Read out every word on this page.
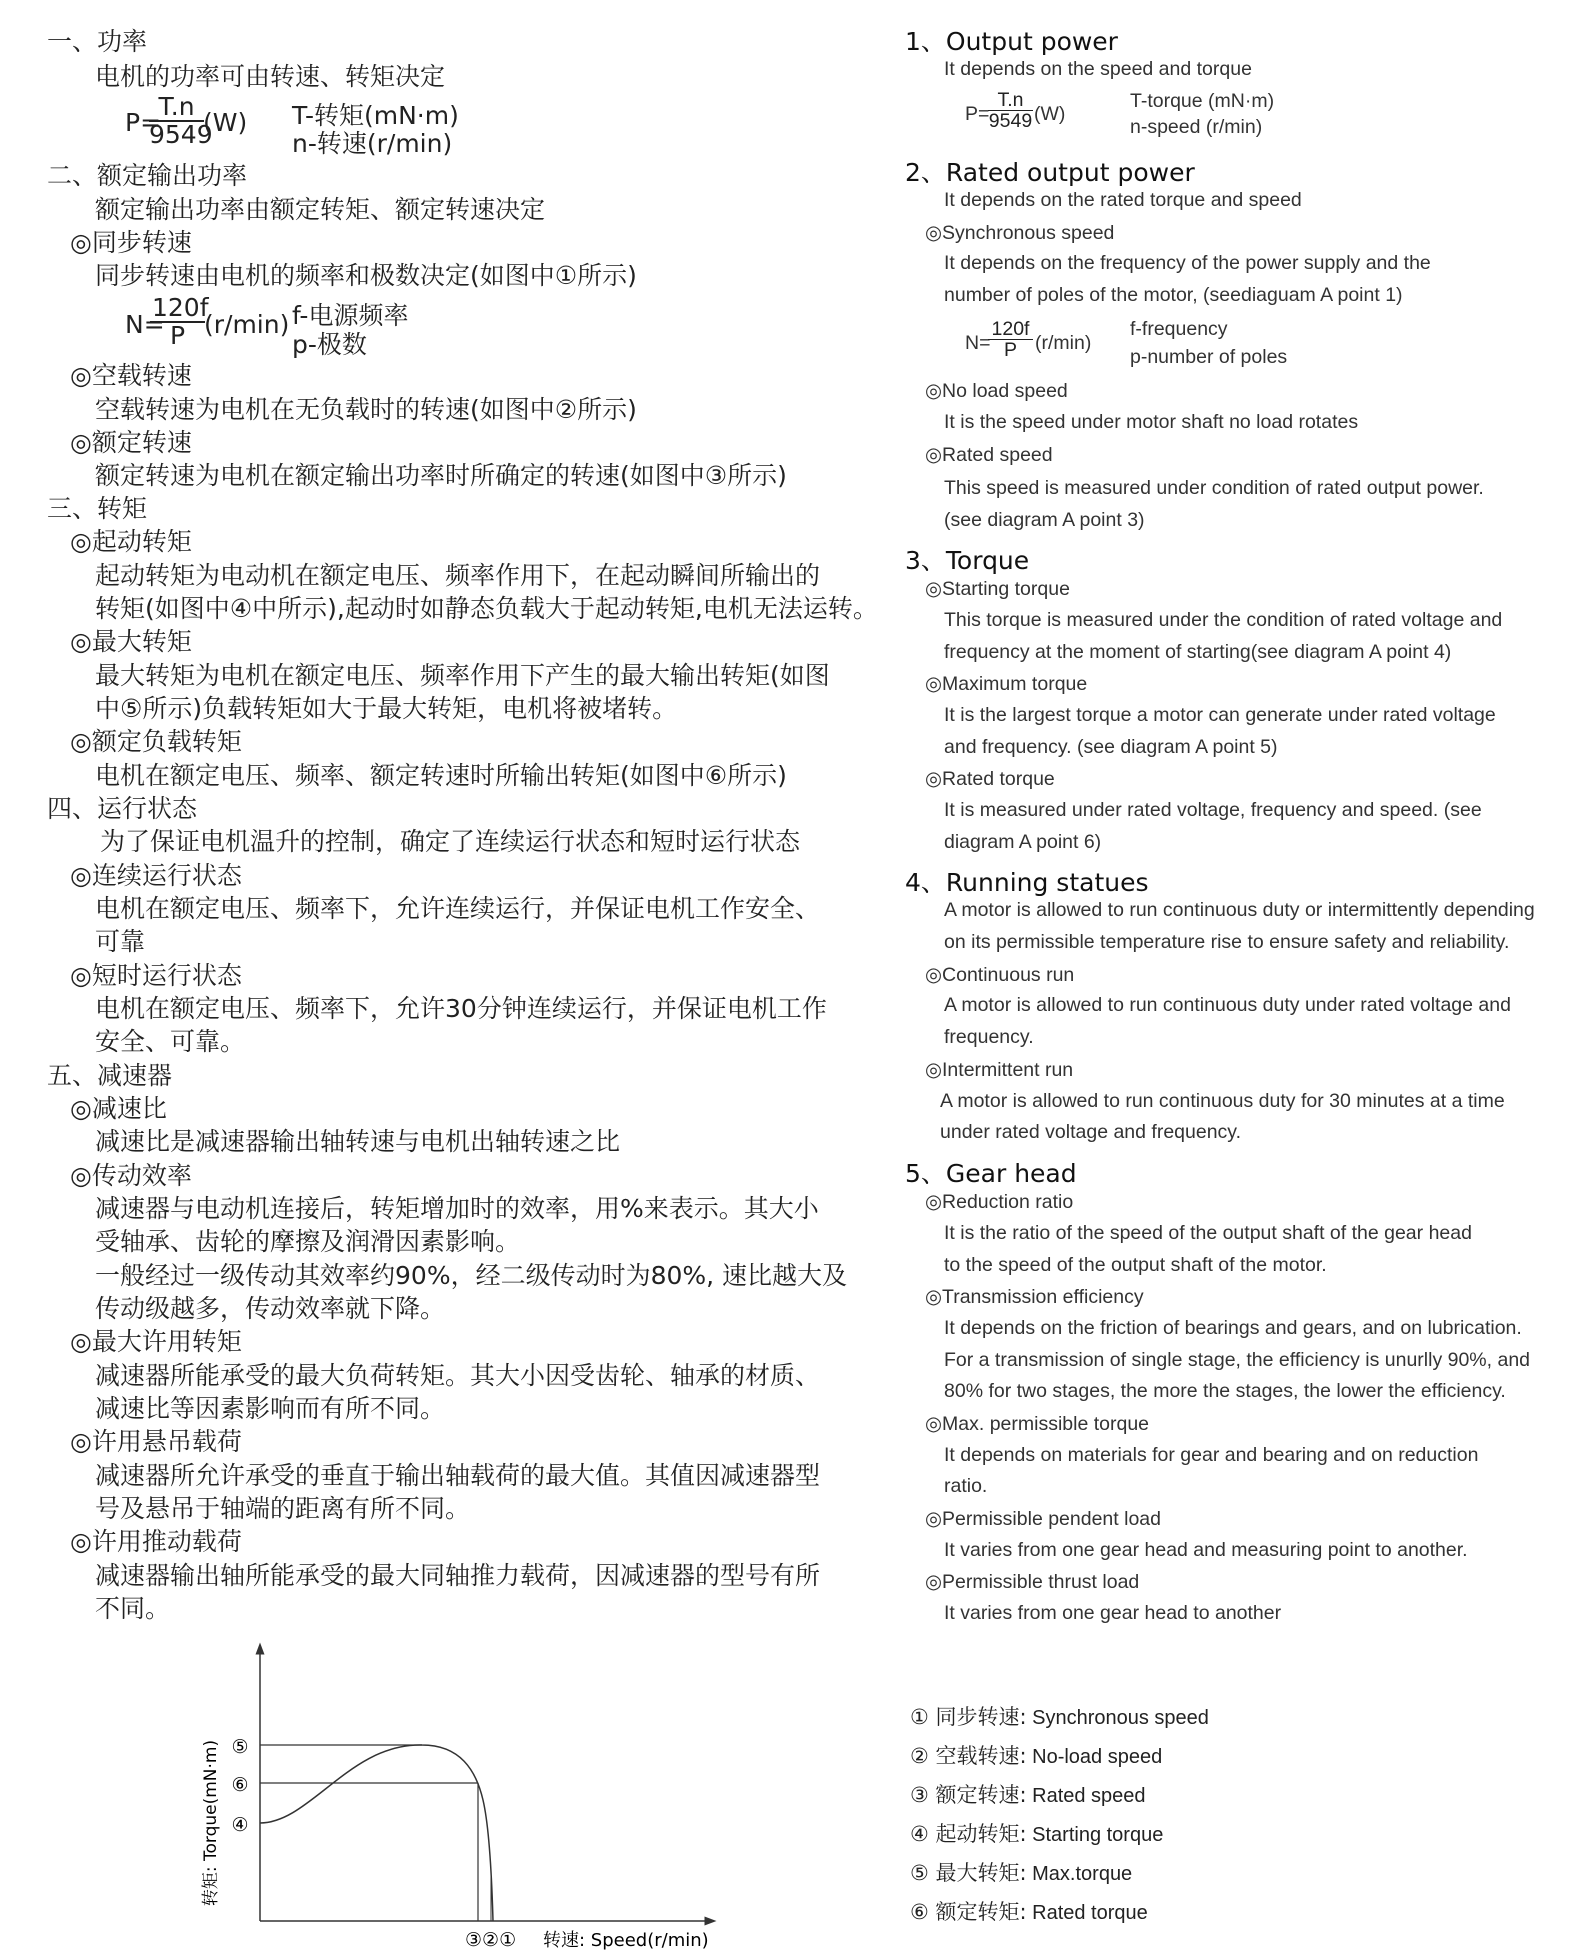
一、功率
电机的功率可由转速、转矩决定
P=
$\frac{T.n}{9549} (W)$ T-转矩(mN·m)
n-转速(r/min)
二、额定输出功率
额定输出功率由额定转矩、额定转速决定
◎同步转速
同步转速由电机的频率和极数决定(如图中①所示)
N=
$\frac{120f}{P} (r/\min)$ f-电源频率
p-极数
◎空载转速
空载转速为电机在无负载时的转速(如图中②所示)
◎额定转速
额定转速为电机在额定输出功率时所确定的转速(如图中③所示)
三、转矩
◎起动转矩
起动转矩为电动机在额定电压、频率作用下，在起动瞬间所输出的
转矩(如图中④中所示),起动时如静态负载大于起动转矩,电机无法运转。
◎最大转矩
最大转矩为电机在额定电压、频率作用下产生的最大输出转矩(如图
中⑤所示)负载转矩如大于最大转矩，电机将被堵转。
◎额定负载转矩
电机在额定电压、频率、额定转速时所输出转矩(如图中⑥所示)
四、运行状态
为了保证电机温升的控制，确定了连续运行状态和短时运行状态
◎连续运行状态
电机在额定电压、频率下，允许连续运行，并保证电机工作安全、
可靠
◎短时运行状态
电机在额定电压、频率下，允许30分钟连续运行，并保证电机工作
安全、可靠。
五、减速器
◎减速比
减速比是减速器输出轴转速与电机出轴转速之比
◎传动效率
减速器与电动机连接后，转矩增加时的效率，用%来表示。其大小
受轴承、齿轮的摩擦及润滑因素影响。
一般经过一级传动其效率约90%，经二级传动时为80%, 速比越大及
传动级越多，传动效率就下降。
◎最大许用转矩
减速器所能承受的最大负荷转矩。其大小因受齿轮、轴承的材质、
减速比等因素影响而有所不同。
◎许用悬吊载荷
减速器所允许承受的垂直于输出轴载荷的最大值。其值因减速器型
号及悬吊于轴端的距离有所不同。
◎许用推动载荷
减速器输出轴所能承受的最大同轴推力载荷，因减速器的型号有所
不同。
1、Output power
It depends on the speed and torque
P=
$\frac{T.n}{9549} (W)$
T-torque (mN·m)
n-speed (r/min)
2、Rated output power
It depends on the rated torque and speed
◎Synchronous speed
It depends on the frequency of the power supply and the
number of poles of the motor, (seediaguam A point 1)
N=
$\frac{120f}{P} (r/\min)$
f-frequency
p-number of poles
◎No load speed
It is the speed under motor shaft no load rotates
◎Rated speed
This speed is measured under condition of rated output power.
(see diagram A point 3)
3、Torque
◎Starting torque
This torque is measured under the condition of rated voltage and
frequency at the moment of starting(see diagram A point 4)
◎Maximum torque
It is the largest torque a motor can generate under rated voltage
and frequency. (see diagram A point 5)
◎Rated torque
It is measured under rated voltage, frequency and speed. (see
diagram A point 6)
4、Running statues
A motor is allowed to run continuous duty or intermittently depending
on its permissible temperature rise to ensure safety and reliability.
◎Continuous run
A motor is allowed to run continuous duty under rated voltage and
frequency.
◎Intermittent run
A motor is allowed to run continuous duty for 30 minutes at a time
under rated voltage and frequency.
5、Gear head
◎Reduction ratio
It is the ratio of the speed of the output shaft of the gear head
to the speed of the output shaft of the motor.
◎Transmission efficiency
It depends on the friction of bearings and gears, and on lubrication.
For a transmission of single stage, the efficiency is unurlly 90%, and
80% for two stages, the more the stages, the lower the efficiency.
◎Max. permissible torque
It depends on materials for gear and bearing and on reduction
ratio.
◎Permissible pendent load
It varies from one gear head and measuring point to another.
◎Permissible thrust load
It varies from one gear head to another
⑤
⑥
④
③②① 转速: Speed(r/min)
转矩: Torque(mN·m)
① 同步转速: Synchronous speed
② 空载转速: No-load speed
③ 额定转速: Rated speed
④ 起动转矩: Starting torque
⑤ 最大转矩: Max.torque
⑥ 额定转矩: Rated torque
